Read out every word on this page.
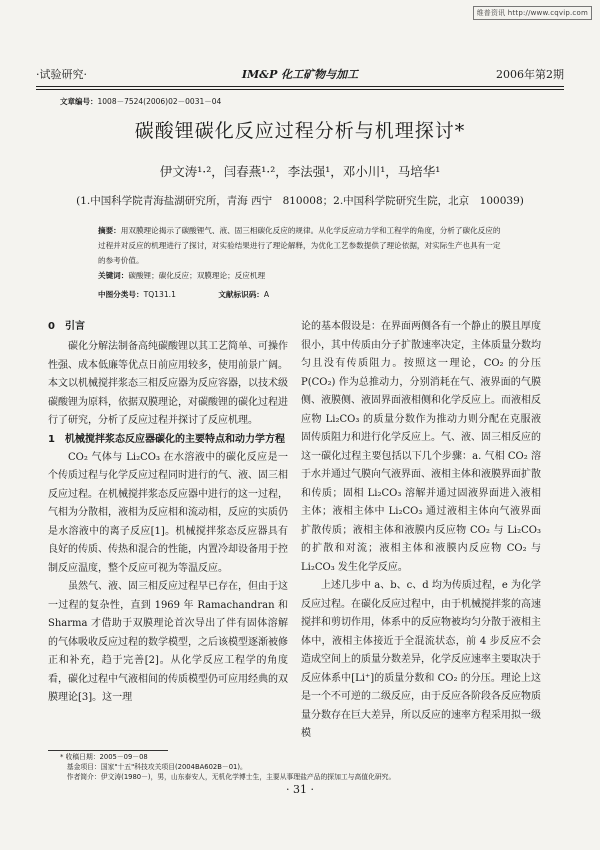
维普资讯 http://www.cqvip.com
·试验研究·	IM&P 化工矿物与加工	2006年第2期
文章编号：1008－7524(2006)02－0031－04
碳酸锂碳化反应过程分析与机理探讨*
伊文涛¹·²，闫春燕¹·²，李法强¹，邓小川¹，马培华¹
(1.中国科学院青海盐湖研究所，青海 西宁　810008；2.中国科学院研究生院，北京　100039)
摘要：用双膜理论揭示了碳酸锂气、液、固三相碳化反应的规律。从化学反应动力学和工程学的角度，分析了碳化反应的过程并对反应的机理进行了探讨，对实验结果进行了理论解释，为优化工艺参数提供了理论依据，对实际生产也具有一定的参考价值。
关键词：碳酸锂；碳化反应；双膜理论；反应机理
中图分类号：TQ131.1	文献标识码：A
0　引言

碳化分解法制备高纯碳酸锂以其工艺简单、可操作性强、成本低廉等优点日前应用较多，使用前景广阔。本文以机械搅拌浆态三相反应器为反应容器，以技术级碳酸锂为原料，依据双膜理论，对碳酸锂的碳化过程进行了研究，分析了反应过程并探讨了反应机理。

1　机械搅拌浆态反应器碳化的主要特点和动力学方程

CO₂ 气体与 Li₂CO₃ 在水溶液中的碳化反应是一个传质过程与化学反应过程同时进行的气、液、固三相反应过程。在机械搅拌浆态反应器中进行的这一过程，气相为分散相，液相为反应相和流动相，反应的实质仍是水溶液中的离子反应[1]。机械搅拌浆态反应器具有良好的传质、传热和混合的性能，内置冷却设备用于控制反应温度，整个反应可视为等温反应。

虽然气、液、固三相反应过程早已存在，但由于这一过程的复杂性，直到 1969 年 Ramachandran 和 Sharma 才借助于双膜理论首次导出了伴有固体溶解的气体吸收反应过程的数学模型，之后该模型逐渐被修正和补充，趋于完善[2]。从化学反应工程学的角度看，碳化过程中气液相间的传质模型仍可应用经典的双膜理论[3]。这一理

论的基本假设是：在界面两侧各有一个静止的膜且厚度很小，其中传质由分子扩散速率决定，主体质量分数均匀且没有传质阻力。按照这一理论，CO₂ 的分压 P(CO₂) 作为总推动力，分别消耗在气、液界面的气膜侧、液膜侧、液固界面液相侧和化学反应上。而液相反应物 Li₂CO₃ 的质量分数作为推动力则分配在克服液固传质阻力和进行化学反应上。气、液、固三相反应的这一碳化过程主要包括以下几个步骤：a. 气相 CO₂ 溶于水并通过气膜向气液界面、液相主体和液膜界面扩散和传质；固相 Li₂CO₃ 溶解并通过固液界面进入液相主体；液相主体中 Li₂CO₃ 通过液相主体向气液界面扩散传质；液相主体和液膜内反应物 CO₂ 与 Li₂CO₃ 的扩散和对流；液相主体和液膜内反应物 CO₂ 与 Li₂CO₃ 发生化学反应。

上述几步中 a、b、c、d 均为传质过程，e 为化学反应过程。在碳化反应过程中，由于机械搅拌浆的高速搅拌和剪切作用，体系中的反应物被均匀分散于液相主体中，液相主体接近于全混流状态，前 4 步反应不会造成空间上的质量分数差异，化学反应速率主要取决于反应体系中[Li⁺]的质量分数和 CO₂ 的分压。理论上这是一个不可逆的二级反应，由于反应各阶段各反应物质量分数存在巨大差异，所以反应的速率方程采用拟一级模

* 收稿日期：2005－09－08
　基金项目：国家"十五"科技攻关项目(2004BA602B－01)。
　作者简介：伊文涛(1980－)，男，山东泰安人，无机化学博士生，主要从事理盐产品的探加工与高值化研究。
· 31 ·
